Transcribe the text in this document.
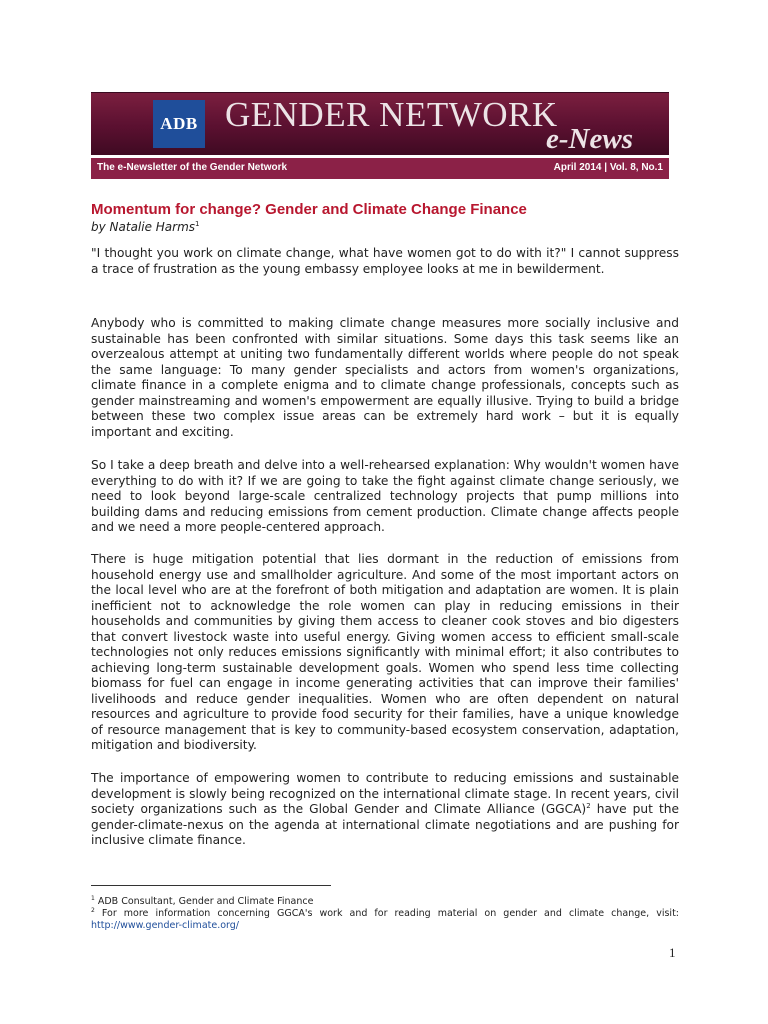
ADB GENDER NETWORK
e-News
The e-Newsletter of the Gender Network	April 2014 | Vol. 8, No.1
Momentum for change? Gender and Climate Change Finance
by Natalie Harms$^1$

"I thought you work on climate change, what have women got to do with it?" I cannot suppress a trace of frustration as the young embassy employee looks at me in bewilderment.

Anybody who is committed to making climate change measures more socially inclusive and sustainable has been confronted with similar situations. Some days this task seems like an overzealous attempt at uniting two fundamentally different worlds where people do not speak the same language: To many gender specialists and actors from women's organizations, climate finance in a complete enigma and to climate change professionals, concepts such as gender mainstreaming and women's empowerment are equally illusive. Trying to build a bridge between these two complex issue areas can be extremely hard work – but it is equally important and exciting.

So I take a deep breath and delve into a well-rehearsed explanation: Why wouldn't women have everything to do with it? If we are going to take the fight against climate change seriously, we need to look beyond large-scale centralized technology projects that pump millions into building dams and reducing emissions from cement production. Climate change affects people and we need a more people-centered approach.

There is huge mitigation potential that lies dormant in the reduction of emissions from household energy use and smallholder agriculture. And some of the most important actors on the local level who are at the forefront of both mitigation and adaptation are women. It is plain inefficient not to acknowledge the role women can play in reducing emissions in their households and communities by giving them access to cleaner cook stoves and bio digesters that convert livestock waste into useful energy. Giving women access to efficient small-scale technologies not only reduces emissions significantly with minimal effort; it also contributes to achieving long-term sustainable development goals. Women who spend less time collecting biomass for fuel can engage in income generating activities that can improve their families' livelihoods and reduce gender inequalities. Women who are often dependent on natural resources and agriculture to provide food security for their families, have a unique knowledge of resource management that is key to community-based ecosystem conservation, adaptation, mitigation and biodiversity.

The importance of empowering women to contribute to reducing emissions and sustainable development is slowly being recognized on the international climate stage. In recent years, civil society organizations such as the Global Gender and Climate Alliance (GGCA)$^2$ have put the gender-climate-nexus on the agenda at international climate negotiations and are pushing for inclusive climate finance.

$^1$ ADB Consultant, Gender and Climate Finance

$^2$ For more information concerning GGCA's work and for reading material on gender and climate change, visit: http://www.gender-climate.org/

1
